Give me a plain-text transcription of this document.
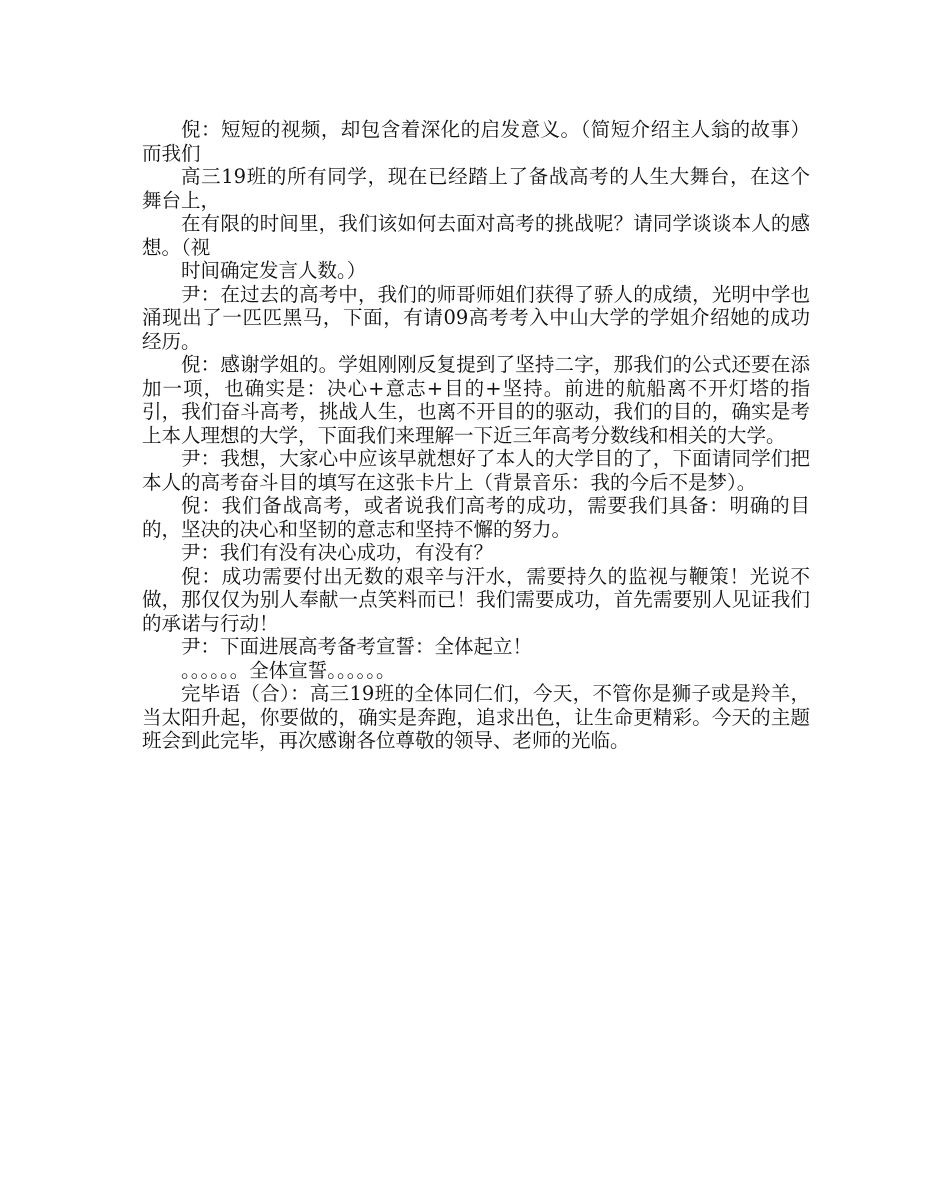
倪：短短的视频，却包含着深化的启发意义。（简短介绍主人翁的故事）而我们

高三19班的所有同学，现在已经踏上了备战高考的人生大舞台，在这个舞台上，

在有限的时间里，我们该如何去面对高考的挑战呢？请同学谈谈本人的感想。（视

时间确定发言人数。）

尹：在过去的高考中，我们的师哥师姐们获得了骄人的成绩，光明中学也涌现出了一匹匹黑马，下面，有请09高考考入中山大学的学姐介绍她的成功经历。

倪：感谢学姐的。学姐刚刚反复提到了坚持二字，那我们的公式还要在添加一项，也确实是：决心+意志+目的+坚持。前进的航船离不开灯塔的指引，我们奋斗高考，挑战人生，也离不开目的的驱动，我们的目的，确实是考上本人理想的大学，下面我们来理解一下近三年高考分数线和相关的大学。

尹：我想，大家心中应该早就想好了本人的大学目的了，下面请同学们把本人的高考奋斗目的填写在这张卡片上（背景音乐：我的今后不是梦）。

倪：我们备战高考，或者说我们高考的成功，需要我们具备：明确的目的，坚决的决心和坚韧的意志和坚持不懈的努力。

尹：我们有没有决心成功，有没有？

倪：成功需要付出无数的艰辛与汗水，需要持久的监视与鞭策！光说不做，那仅仅为别人奉献一点笑料而已！我们需要成功，首先需要别人见证我们的承诺与行动！

尹：下面进展高考备考宣誓：全体起立！

。。。。。。全体宣誓。。。。。。

完毕语（合）：高三19班的全体同仁们，今天，不管你是狮子或是羚羊，当太阳升起，你要做的，确实是奔跑，追求出色，让生命更精彩。今天的主题班会到此完毕，再次感谢各位尊敬的领导、老师的光临。
